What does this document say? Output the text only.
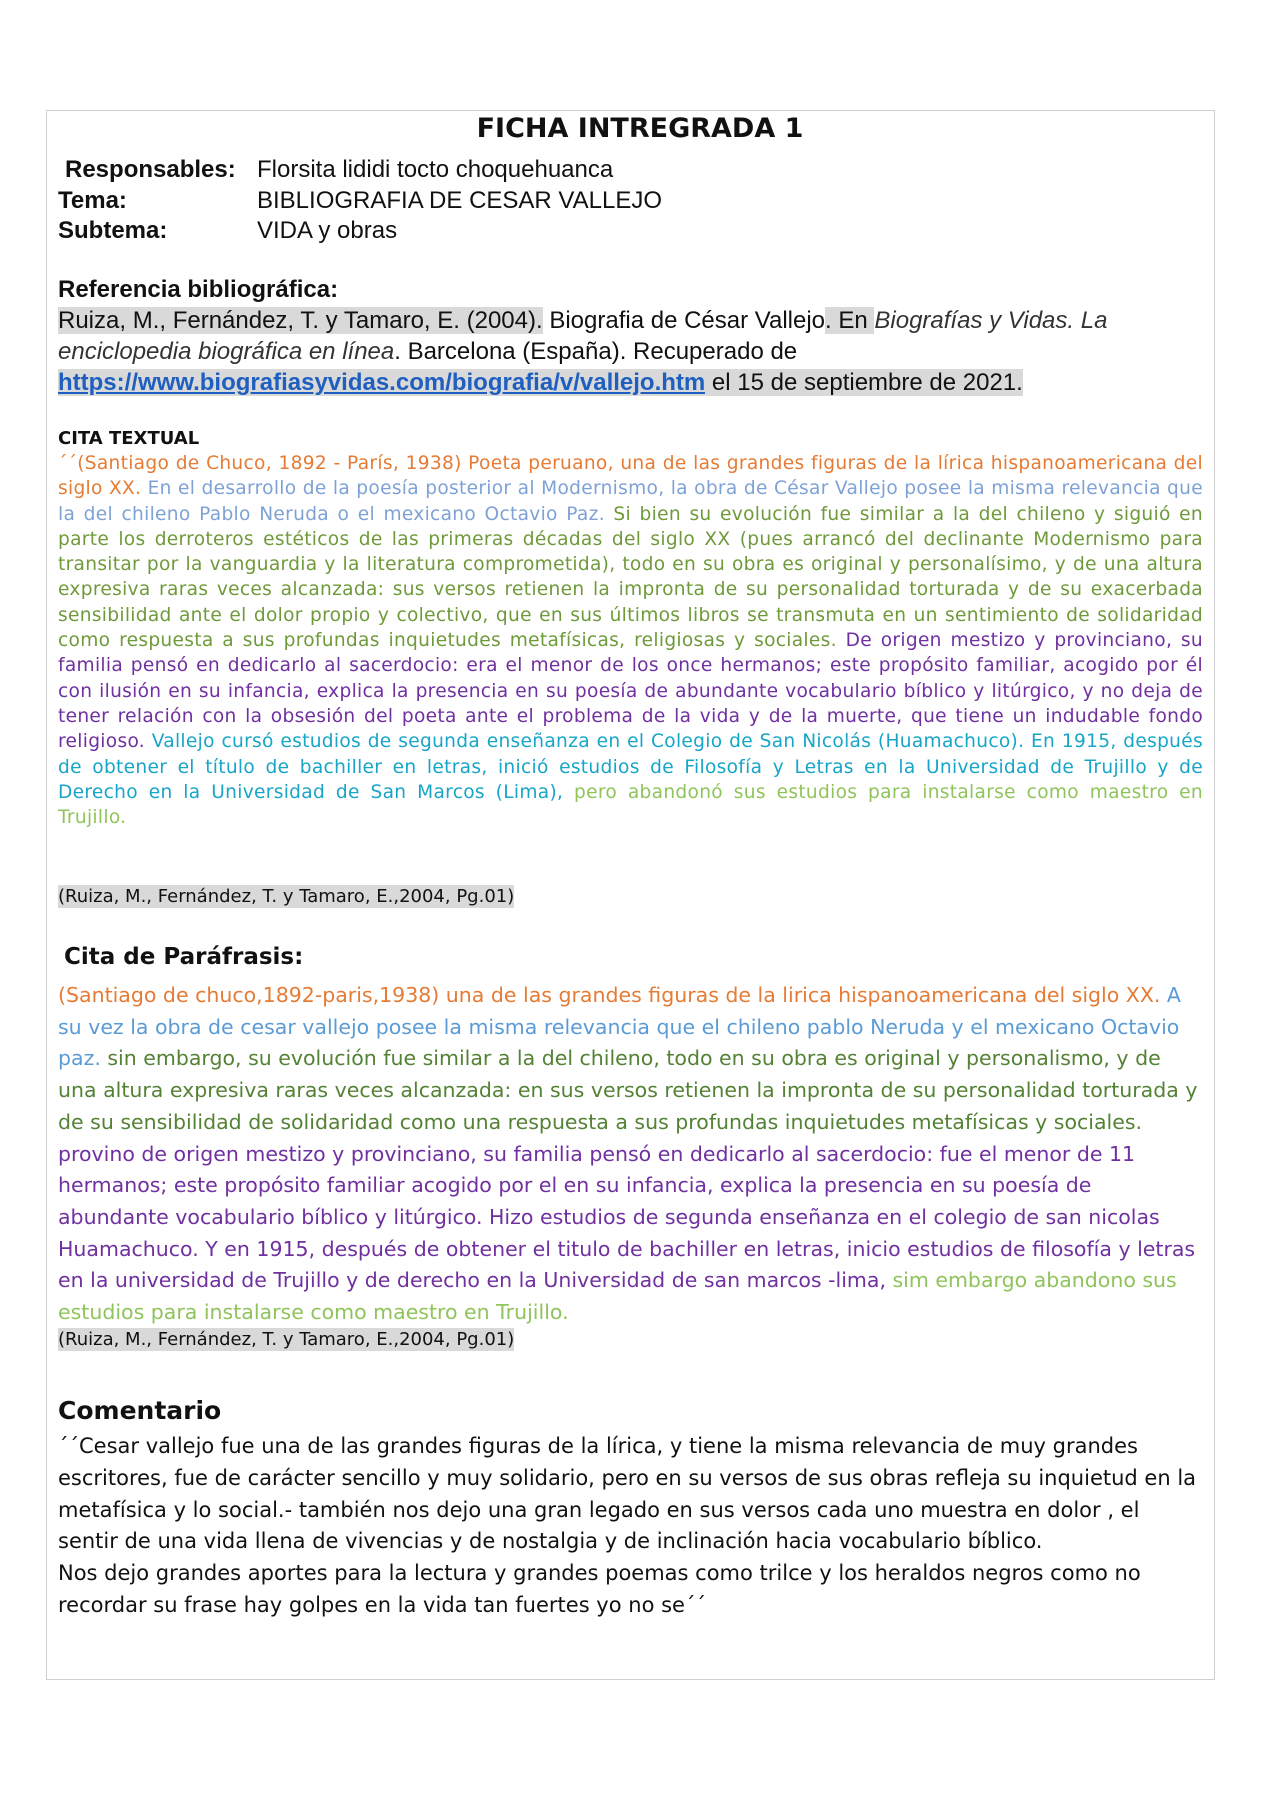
FICHA INTREGRADA 1
Responsables: Florsita lididi tocto choquehuanca
Tema:	BIBLIOGRAFIA DE CESAR VALLEJO
Subtema:	VIDA y obras
Referencia bibliográfica:
Ruiza, M., Fernández, T. y Tamaro, E. (2004). Biografia de César Vallejo. En Biografías y Vidas. La enciclopedia biográfica en línea. Barcelona (España). Recuperado de https://www.biografiasyvidas.com/biografia/v/vallejo.htm el 15 de septiembre de 2021.
CITA TEXTUAL
´´(Santiago de Chuco, 1892 - París, 1938) Poeta peruano, una de las grandes figuras de la lírica hispanoamericana del siglo XX. En el desarrollo de la poesía posterior al Modernismo, la obra de César Vallejo posee la misma relevancia que la del chileno Pablo Neruda o el mexicano Octavio Paz. Si bien su evolución fue similar a la del chileno y siguió en parte los derroteros estéticos de las primeras décadas del siglo XX (pues arrancó del declinante Modernismo para transitar por la vanguardia y la literatura comprometida), todo en su obra es original y personalísimo, y de una altura expresiva raras veces alcanzada: sus versos retienen la impronta de su personalidad torturada y de su exacerbada sensibilidad ante el dolor propio y colectivo, que en sus últimos libros se transmuta en un sentimiento de solidaridad como respuesta a sus profundas inquietudes metafísicas, religiosas y sociales. De origen mestizo y provinciano, su familia pensó en dedicarlo al sacerdocio: era el menor de los once hermanos; este propósito familiar, acogido por él con ilusión en su infancia, explica la presencia en su poesía de abundante vocabulario bíblico y litúrgico, y no deja de tener relación con la obsesión del poeta ante el problema de la vida y de la muerte, que tiene un indudable fondo religioso. Vallejo cursó estudios de segunda enseñanza en el Colegio de San Nicolás (Huamachuco). En 1915, después de obtener el título de bachiller en letras, inició estudios de Filosofía y Letras en la Universidad de Trujillo y de Derecho en la Universidad de San Marcos (Lima), pero abandonó sus estudios para instalarse como maestro en Trujillo.
(Ruiza, M., Fernández, T. y Tamaro, E.,2004, Pg.01)
Cita de Paráfrasis:
(Santiago de chuco,1892-paris,1938) una de las grandes figuras de la lirica hispanoamericana del siglo XX. A su vez la obra de cesar vallejo posee la misma relevancia que el chileno pablo Neruda y el mexicano Octavio paz. sin embargo, su evolución fue similar a la del chileno, todo en su obra es original y personalismo, y de una altura expresiva raras veces alcanzada: en sus versos retienen la impronta de su personalidad torturada y de su sensibilidad de solidaridad como una respuesta a sus profundas inquietudes metafísicas y sociales. provino de origen mestizo y provinciano, su familia pensó en dedicarlo al sacerdocio: fue el menor de 11 hermanos; este propósito familiar acogido por el en su infancia, explica la presencia en su poesía de abundante vocabulario bíblico y litúrgico. Hizo estudios de segunda enseñanza en el colegio de san nicolas Huamachuco. Y en 1915, después de obtener el titulo de bachiller en letras, inicio estudios de filosofía y letras en la universidad de Trujillo y de derecho en la Universidad de san marcos -lima, sim embargo abandono sus estudios para instalarse como maestro en Trujillo.
(Ruiza, M., Fernández, T. y Tamaro, E.,2004, Pg.01)
Comentario
´´Cesar vallejo fue una de las grandes figuras de la lírica, y tiene la misma relevancia de muy grandes escritores, fue de carácter sencillo y muy solidario, pero en su versos de sus obras refleja su inquietud en la metafísica y lo social.- también nos dejo una gran legado en sus versos cada uno muestra en dolor , el sentir de una vida llena de vivencias y de nostalgia y de inclinación hacia vocabulario bíblico.
Nos dejo grandes aportes para la lectura y grandes poemas como trilce y los heraldos negros como no recordar su frase hay golpes en la vida tan fuertes yo no se´´
